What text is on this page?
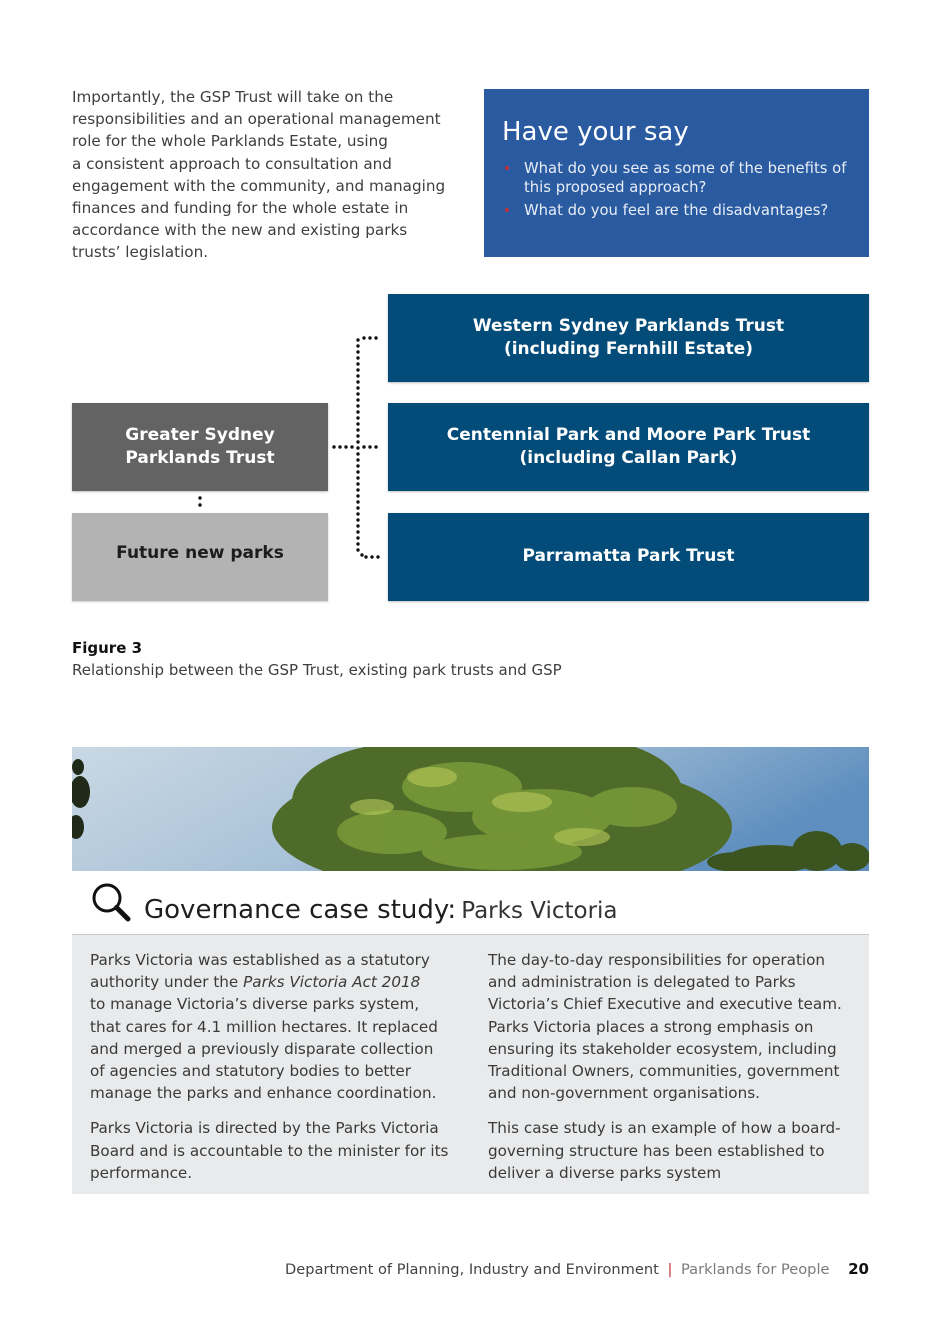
Importantly, the GSP Trust will take on the
responsibilities and an operational management
role for the whole Parklands Estate, using
a consistent approach to consultation and
engagement with the community, and managing
finances and funding for the whole estate in
accordance with the new and existing parks
trusts’ legislation.
Have your say
What do you see as some of the benefits of this proposed approach?
What do you feel are the disadvantages?
Western Sydney Parklands Trust
(including Fernhill Estate)
Centennial Park and Moore Park Trust
(including Callan Park)
Parramatta Park Trust
Greater Sydney
Parklands Trust
Future new parks
Figure 3
Relationship between the GSP Trust, existing park trusts and GSP
Governance case study: Parks Victoria
Parks Victoria was established as a statutory
authority under the Parks Victoria Act 2018
to manage Victoria’s diverse parks system,
that cares for 4.1 million hectares. It replaced
and merged a previously disparate collection
of agencies and statutory bodies to better
manage the parks and enhance coordination.
Parks Victoria is directed by the Parks Victoria
Board and is accountable to the minister for its
performance.
The day-to-day responsibilities for operation
and administration is delegated to Parks
Victoria’s Chief Executive and executive team.
Parks Victoria places a strong emphasis on
ensuring its stakeholder ecosystem, including
Traditional Owners, communities, government
and non-government organisations.
This case study is an example of how a board-
governing structure has been established to
deliver a diverse parks system
Department of Planning, Industry and Environment | Parklands for People 20
